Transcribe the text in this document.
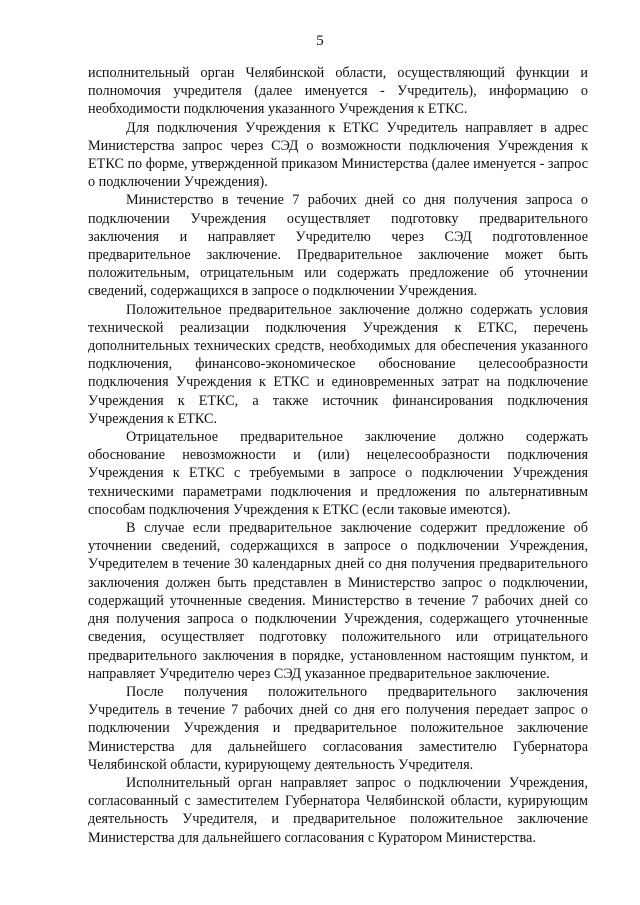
5

исполнительный орган Челябинской области, осуществляющий функции и полномочия учредителя (далее именуется - Учредитель), информацию о необходимости подключения указанного Учреждения к ЕТКС.

Для подключения Учреждения к ЕТКС Учредитель направляет в адрес Министерства запрос через СЭД о возможности подключения Учреждения к ЕТКС по форме, утвержденной приказом Министерства (далее именуется - запрос о подключении Учреждения).

Министерство в течение 7 рабочих дней со дня получения запроса о подключении Учреждения осуществляет подготовку предварительного заключения и направляет Учредителю через СЭД подготовленное предварительное заключение. Предварительное заключение может быть положительным, отрицательным или содержать предложение об уточнении сведений, содержащихся в запросе о подключении Учреждения.

Положительное предварительное заключение должно содержать условия технической реализации подключения Учреждения к ЕТКС, перечень дополнительных технических средств, необходимых для обеспечения указанного подключения, финансово-экономическое обоснование целесообразности подключения Учреждения к ЕТКС и единовременных затрат на подключение Учреждения к ЕТКС, а также источник финансирования подключения Учреждения к ЕТКС.

Отрицательное предварительное заключение должно содержать обоснование невозможности и (или) нецелесообразности подключения Учреждения к ЕТКС с требуемыми в запросе о подключении Учреждения техническими параметрами подключения и предложения по альтернативным способам подключения Учреждения к ЕТКС (если таковые имеются).

В случае если предварительное заключение содержит предложение об уточнении сведений, содержащихся в запросе о подключении Учреждения, Учредителем в течение 30 календарных дней со дня получения предварительного заключения должен быть представлен в Министерство запрос о подключении, содержащий уточненные сведения. Министерство в течение 7 рабочих дней со дня получения запроса о подключении Учреждения, содержащего уточненные сведения, осуществляет подготовку положительного или отрицательного предварительного заключения в порядке, установленном настоящим пунктом, и направляет Учредителю через СЭД указанное предварительное заключение.

После получения положительного предварительного заключения Учредитель в течение 7 рабочих дней со дня его получения передает запрос о подключении Учреждения и предварительное положительное заключение Министерства для дальнейшего согласования заместителю Губернатора Челябинской области, курирующему деятельность Учредителя.

Исполнительный орган направляет запрос о подключении Учреждения, согласованный с заместителем Губернатора Челябинской области, курирующим деятельность Учредителя, и предварительное положительное заключение Министерства для дальнейшего согласования с Куратором Министерства.
